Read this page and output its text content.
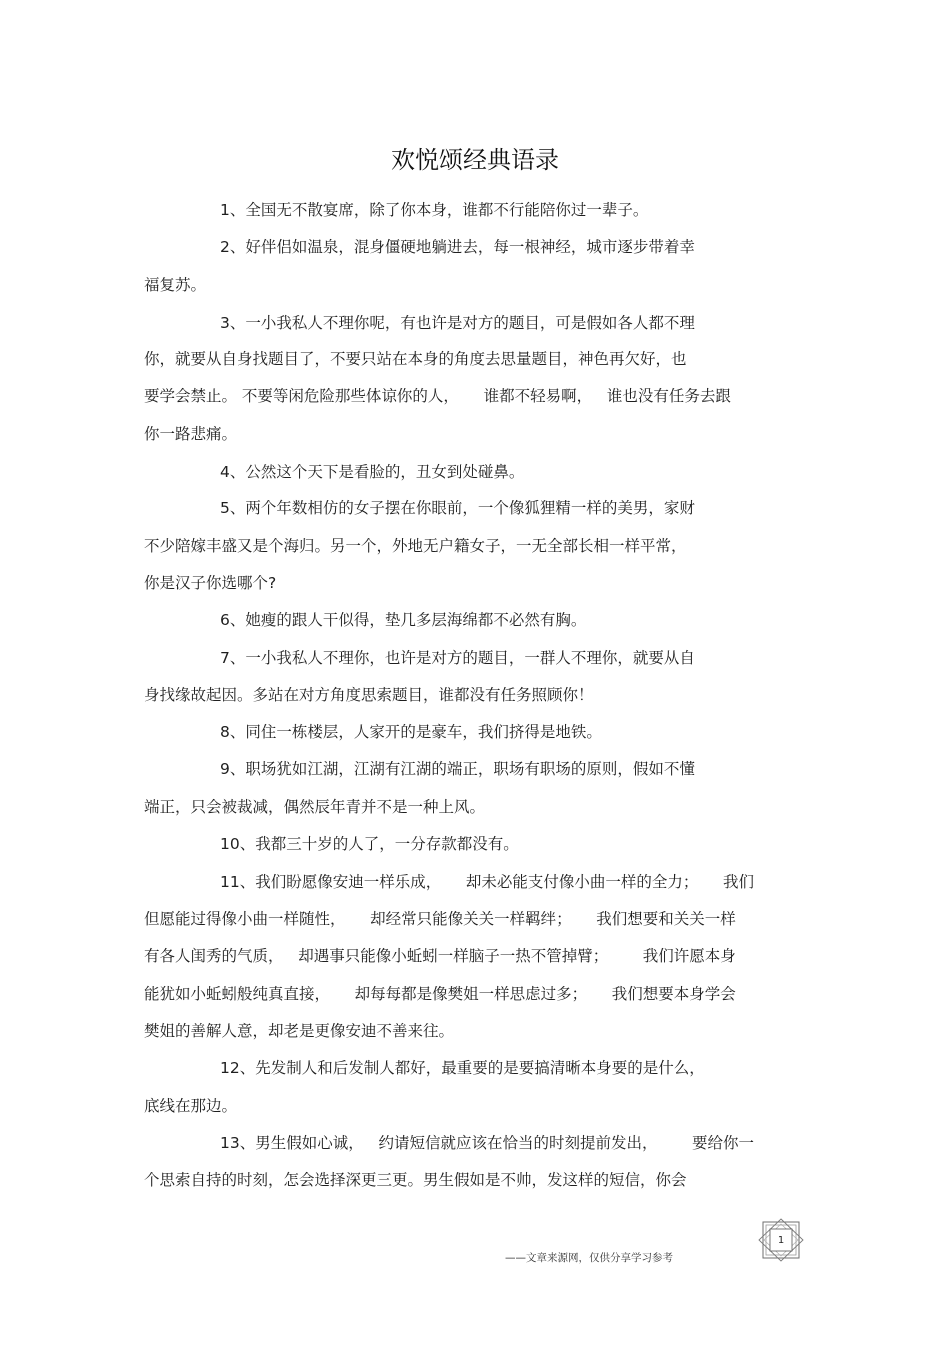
欢悦颂经典语录
1、全国无不散宴席，除了你本身，谁都不行能陪你过一辈子。
2、好伴侣如温泉，混身僵硬地躺进去，每一根神经，城市逐步带着幸
福复苏。
3、一小我私人不理你呢，有也许是对方的题目，可是假如各人都不理
你，就要从自身找题目了，不要只站在本身的角度去思量题目，神色再欠好，也
要学会禁止。 不要等闲危险那些体谅你的人，     谁都不轻易啊，   谁也没有任务去跟
你一路悲痛。
4、公然这个天下是看脸的，丑女到处碰鼻。
5、两个年数相仿的女子摆在你眼前，一个像狐狸精一样的美男，家财
不少陪嫁丰盛又是个海归。另一个，外地无户籍女子，一无全部长相一样平常，
你是汉子你选哪个?
6、她瘦的跟人干似得，垫几多层海绵都不必然有胸。
7、一小我私人不理你，也许是对方的题目，一群人不理你，就要从自
身找缘故起因。多站在对方角度思索题目，谁都没有任务照顾你！
8、同住一栋楼层，人家开的是豪车，我们挤得是地铁。
9、职场犹如江湖，江湖有江湖的端正，职场有职场的原则，假如不懂
端正，只会被裁减，偶然辰年青并不是一种上风。
10、我都三十岁的人了，一分存款都没有。
11、我们盼愿像安迪一样乐成，     却未必能支付像小曲一样的全力；     我们
但愿能过得像小曲一样随性，     却经常只能像关关一样羁绊；     我们想要和关关一样
有各人闺秀的气质，   却遇事只能像小蚯蚓一样脑子一热不管掉臂；       我们许愿本身
能犹如小蚯蚓般纯真直接，     却每每都是像樊姐一样思虑过多；     我们想要本身学会
樊姐的善解人意，却老是更像安迪不善来往。
12、先发制人和后发制人都好，最重要的是要搞清晰本身要的是什么，
底线在那边。
13、男生假如心诚，   约请短信就应该在恰当的时刻提前发出，       要给你一
个思索自持的时刻，怎会选择深更三更。男生假如是不帅，发这样的短信，你会
1
——文章来源网，仅供分享学习参考
